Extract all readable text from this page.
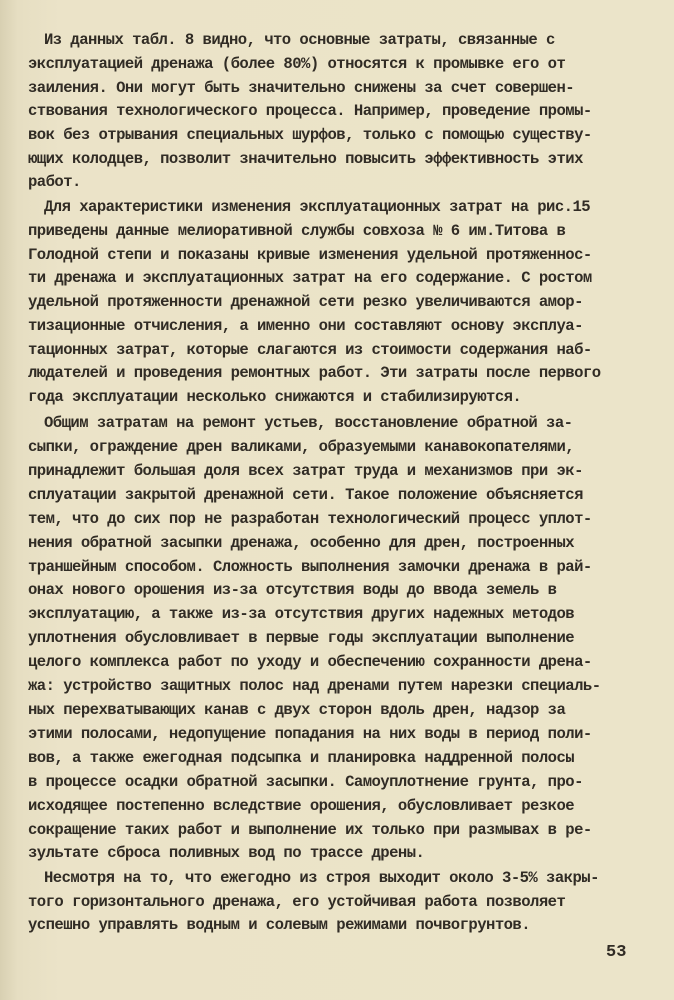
Из данных табл. 8 видно, что основные затраты, связанные с
эксплуатацией дренажа (более 80%) относятся к промывке его от
заиления. Они могут быть значительно снижены за счет совершен-
ствования технологического процесса. Например, проведение промы-
вок без отрывания специальных шурфов, только с помощью существу-
ющих колодцев, позволит значительно повысить эффективность этих
работ.
Для характеристики изменения эксплуатационных затрат на рис.15
приведены данные мелиоративной службы совхоза № 6 им.Титова в
Голодной степи и показаны кривые изменения удельной протяженнос-
ти дренажа и эксплуатационных затрат на его содержание. С ростом
удельной протяженности дренажной сети резко увеличиваются амор-
тизационные отчисления, а именно они составляют основу эксплуа-
тационных затрат, которые слагаются из стоимости содержания наб-
людателей и проведения ремонтных работ. Эти затраты после первого
года эксплуатации несколько снижаются и стабилизируются.
Общим затратам на ремонт устьев, восстановление обратной за-
сыпки, ограждение дрен валиками, образуемыми канавокопателями,
принадлежит большая доля всех затрат труда и механизмов при эк-
сплуатации закрытой дренажной сети. Такое положение объясняется
тем, что до сих пор не разработан технологический процесс уплот-
нения обратной засыпки дренажа, особенно для дрен, построенных
траншейным способом. Сложность выполнения замочки дренажа в рай-
онах нового орошения из-за отсутствия воды до ввода земель в
эксплуатацию, а также из-за отсутствия других надежных методов
уплотнения обусловливает в первые годы эксплуатации выполнение
целого комплекса работ по уходу и обеспечению сохранности дрена-
жа: устройство защитных полос над дренами путем нарезки специаль-
ных перехватывающих канав с двух сторон вдоль дрен, надзор за
этими полосами, недопущение попадания на них воды в период поли-
вов, а также ежегодная подсыпка и планировка наддренной полосы
в процессе осадки обратной засыпки. Самоуплотнение грунта, про-
исходящее постепенно вследствие орошения, обусловливает резкое
сокращение таких работ и выполнение их только при размывах в ре-
зультате сброса поливных вод по трассе дрены.
Несмотря на то, что ежегодно из строя выходит около 3-5% закры-
того горизонтального дренажа, его устойчивая работа позволяет
успешно управлять водным и солевым режимами почвогрунтов.
53
